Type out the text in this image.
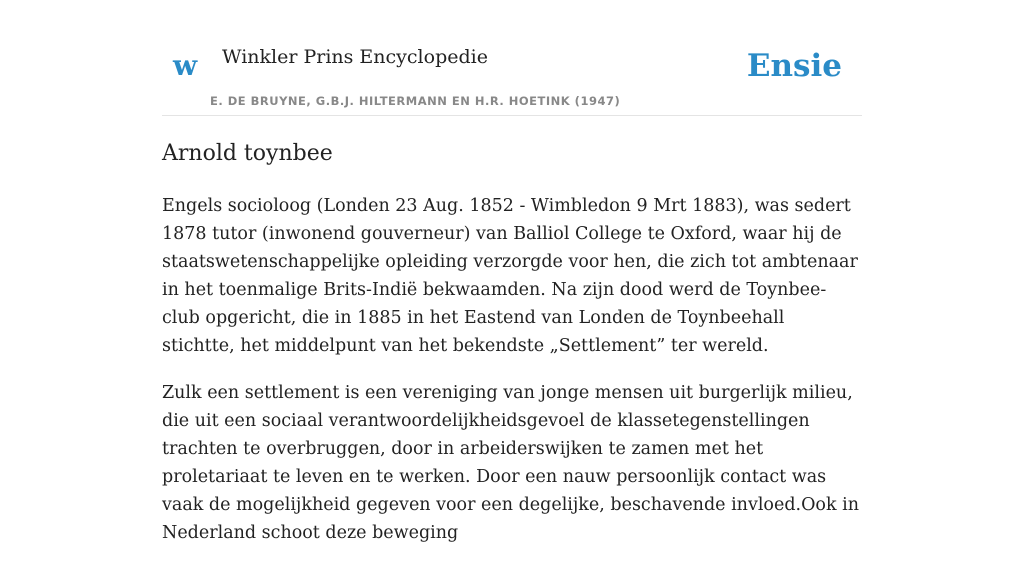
w Winkler Prins Encyclopedie
E. DE BRUYNE, G.B.J. HILTERMANN EN H.R. HOETINK (1947)
Ensie
Arnold toynbee

Engels socioloog (Londen 23 Aug. 1852 - Wimbledon 9 Mrt 1883), was sedert 1878 tutor (inwonend gouverneur) van Balliol College te Oxford, waar hij de staatswetenschappelijke opleiding verzorgde voor hen, die zich tot ambtenaar in het toenmalige Brits-Indië bekwaamden. Na zijn dood werd de Toynbee-club opgericht, die in 1885 in het Eastend van Londen de Toynbeehall stichtte, het middelpunt van het bekendste „Settlement” ter wereld.

Zulk een settlement is een vereniging van jonge mensen uit burgerlijk milieu, die uit een sociaal verantwoordelijkheidsgevoel de klassetegenstellingen trachten te overbruggen, door in arbeiderswijken te zamen met het proletariaat te leven en te werken. Door een nauw persoonlijk contact was vaak de mogelijkheid gegeven voor een degelijke, beschavende invloed.Ook in Nederland schoot deze beweging
